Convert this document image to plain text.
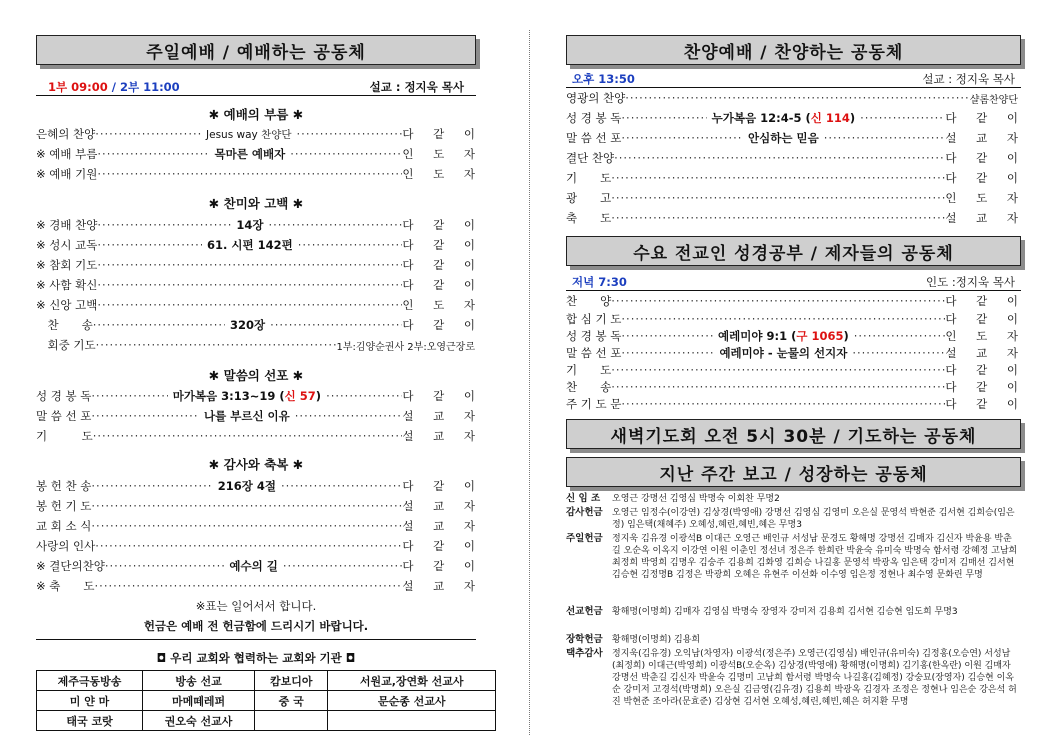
주일예배 / 예배하는 공동체
1부 09:00 / 2부 11:00	설교 : 정지욱 목사
✱ 예배의 부름 ✱
✱ 찬미와 고백 ✱
✱ 말씀의 선포 ✱
✱ 감사와 축복 ✱
은혜의 찬양 ·····	Jesus way 찬양단 ·····	다 같 이
※ 예배 부름 ·····	목마른 예배자 ·····	인 도 자
※ 예배 기원 ·····	인 도 자
※ 경배 찬양 ·····	14장 ·····	다 같 이
※ 성시 교독 ·····	61. 시편 142편 ·····	다 같 이
※ 참회 기도 ·····	다 같 이
※ 사함 확신 ·····	다 같 이
※ 신앙 고백 ·····	인 도 자
　찬　　송 ·····	320장 ·····	다 같 이
　회중 기도 ·····	1부:김양순권사 2부:오영근장로
성 경 봉 독 ·····	마가복음 3:13~19 (신 57) ·····	다 같 이
말 씀 선 포 ·····	나를 부르신 이유 ·····	설 교 자
기　　　도 ·····	설 교 자
봉 헌 찬 송 ·····	216장 4절 ·····	다 같 이
봉 헌 기 도 ·····	설 교 자
교 회 소 식 ·····	설 교 자
사랑의 인사 ·····	다 같 이
※ 결단의찬양 ·····	예수의 길 ·····	다 같 이
※ 축　　도 ·····	설 교 자
※표는 일어서서 합니다.
헌금은 예배 전 헌금함에 드리시기 바랍니다.
◘ 우리 교회와 협력하는 교회와 기관 ◘
제주극동방송	방송 선교	캄보디아	서원교,장연화 선교사
미 얀 마	마메떼레퍼	중 국	문순종 선교사
태국 코랏	권오숙 선교사		
찬양예배 / 찬양하는 공동체
오후 13:50	설교 : 정지욱 목사
영광의 찬양 ·····	샬롬찬양단
성 경 봉 독 ·····	누가복음 12:4-5 (신 114) ·····	다 같 이
말 씀 선 포 ·····	안심하는 믿음 ·····	설 교 자
결단 찬양 ·····	다 같 이
기　　도 ·····	다 같 이
광　　고 ·····	인 도 자
축　　도 ·····	설 교 자
수요 전교인 성경공부 / 제자들의 공동체
저녁 7:30	인도 :정지욱 목사
찬　　양 ·····	다 같 이
합 심 기 도 ·····	다 같 이
성 경 봉 독 ·····	예레미야 9:1 (구 1065) ·····	인 도 자
말 씀 선 포 ·····	예레미야 - 눈물의 선지자 ·····	설 교 자
기　　도 ·····	다 같 이
찬　　송 ·····	다 같 이
주 기 도 문 ·····	다 같 이
새벽기도회 오전 5시 30분 / 기도하는 공동체
지난 주간 보고 / 성장하는 공동체
신 임 조	오영근 강명선 김영심 박명숙 이회찬 무명2
감사헌금	오영근 임정수(이강연) 김상경(박영애) 강명선 김영심 김영미 오은실 문영석 박현준 김서현 김희승(임은정) 임은택(채혜주) 오혜성,혜린,혜빈,혜은 무명3
주일헌금	정지욱 김유경 이광석B 이대근 오영근 배인규 서성남 문경도 황해명 강명선 김매자 김신자 박윤용 박춘길 오순옥 이옥지 이강연 이원 이춘인 정선녀 정은주 한희란 박윤숙 유미숙 박명숙 함서령 강혜정 고남희 최정희 박영희 김명우 김숭주 김용희 김화영 김희승 나길홍 문영석 박광옥 임은택 강미저 김매선 김서현 김승현 김정명B 김정은 박광희 오혜은 유현주 이선화 이수영 임은정 정현나 최수영 문화린 무명
선교헌금	황해명(이명희) 김매자 김영심 박명숙 장영자 강미저 김용희 김서현 김승현 임도희 무명3
장학헌금	황해명(이명희) 김용희
택추감사	정지욱(김유경) 오익남(차영자) 이광석(정은주) 오영근(김영심) 배인규(유미숙) 김정홍(오승연) 서성남(최정희) 이대근(박영희) 이광석B(오순옥) 김상경(박영애) 황해명(이명희) 김기홍(한옥란) 이원 김매자 강명선 박춘길 김신자 박윤숙 김명미 고남희 함서령 박명숙 나길홍(김혜정) 강숭묘(장영자) 김승현 이옥순 강미저 고경석(박명희) 오은실 김금영(김유경) 김용희 박광옥 김경자 조정은 정현나 임은순 강은석 허진 박현준 조아라(문효준) 김상현 김서현 오혜성,혜린,혜빈,혜은 허지환 무명
